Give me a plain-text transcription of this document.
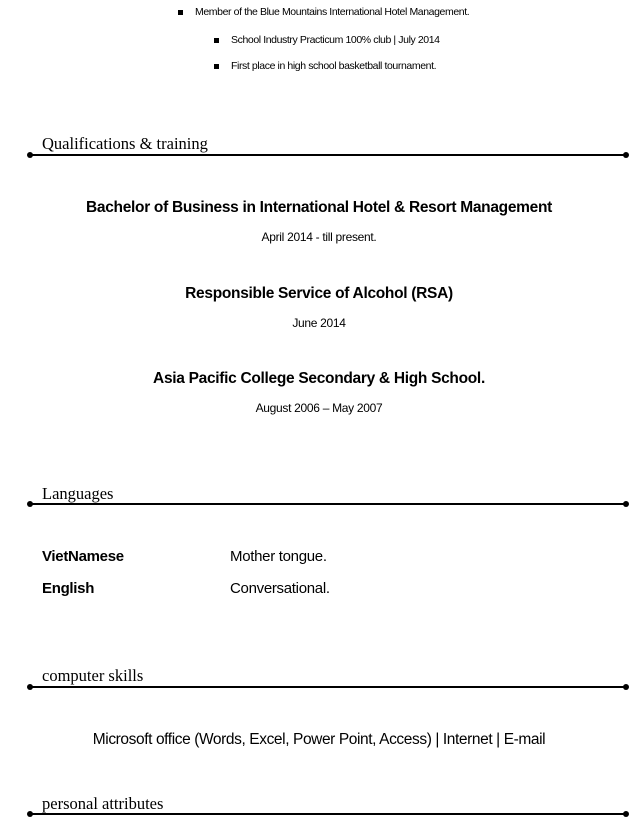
Member of the Blue Mountains International Hotel Management.
School Industry Practicum 100% club | July 2014
First place in high school basketball tournament.
Qualifications & training
Bachelor of Business in International Hotel & Resort Management
April 2014 - till present.
Responsible Service of Alcohol (RSA)
June 2014
Asia Pacific College Secondary & High School.
August 2006 – May 2007
Languages
VietNamese	Mother tongue.
English	Conversational.
computer skills
Microsoft office (Words, Excel, Power Point, Access) | Internet | E-mail
personal attributes
